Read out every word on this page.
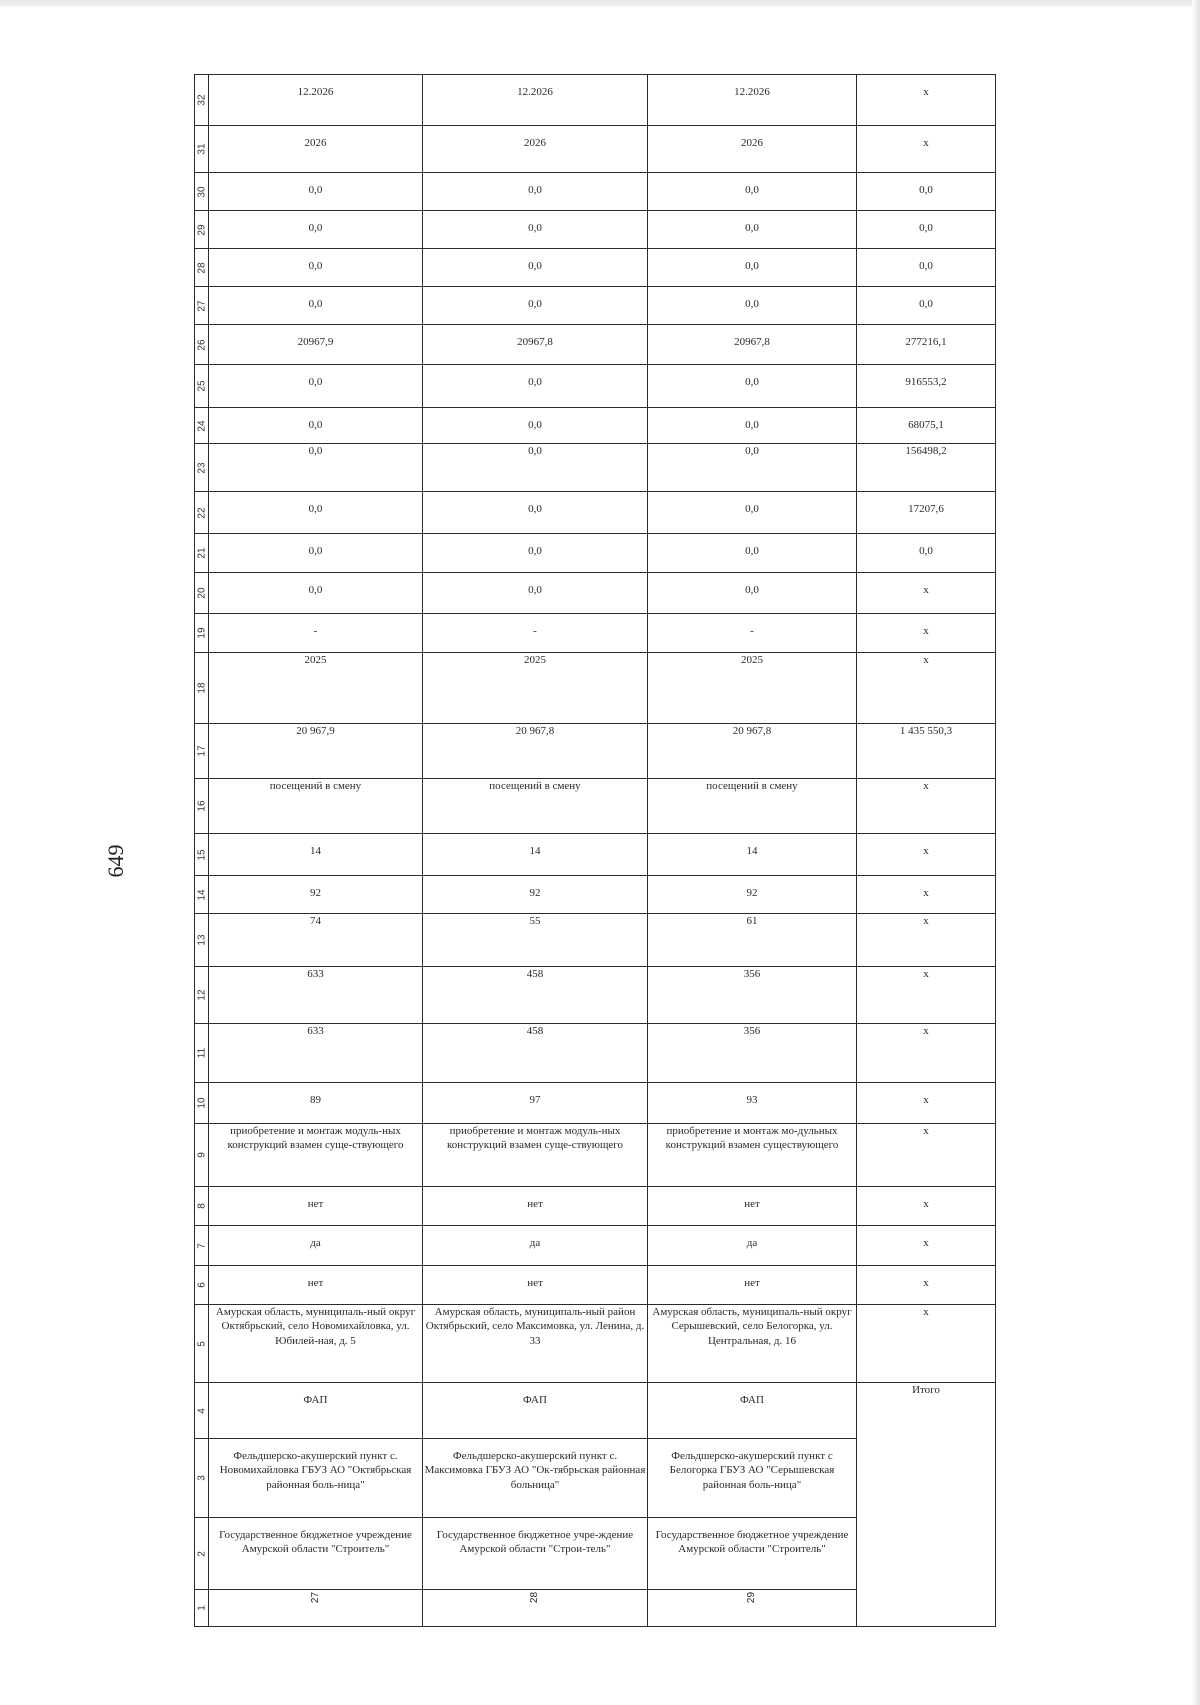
649
32	12.2026	12.2026	12.2026	x

31	2026	2026	2026	x

30	0,0	0,0	0,0	0,0

29	0,0	0,0	0,0	0,0

28	0,0	0,0	0,0	0,0

27	0,0	0,0	0,0	0,0

26	20967,9	20967,8	20967,8	277216,1

25	0,0	0,0	0,0	916553,2

24	0,0	0,0	0,0	68075,1

23	0,0	0,0	0,0	156498,2

22	0,0	0,0	0,0	17207,6

21	0,0	0,0	0,0	0,0

20	0,0	0,0	0,0	x

19	-	-	-	x

18	2025	2025	2025	x

17	20 967,9	20 967,8	20 967,8	1 435 550,3

16	посещений в смену	посещений в смену	посещений в смену	x

15	14	14	14	x

14	92	92	92	x

13	74	55	61	x

12	633	458	356	x

11	633	458	356	x

10	89	97	93	x

9	приобретение и монтаж модуль-ных конструкций взамен суще-ствующего	приобретение и монтаж модуль-ных конструкций взамен суще-ствующего	приобретение и монтаж мо-дульных конструкций взамен существующего	x

8	нет	нет	нет	x

7	да	да	да	x

6	нет	нет	нет	x

5	Амурская область, муниципаль-ный округ Октябрьский, село Новомихайловка, ул. Юбилей-ная, д. 5	Амурская область, муниципаль-ный район Октябрьский, село Максимовка, ул. Ленина, д. 33	Амурская область, муниципаль-ный округ Серышевский, село Белогорка, ул. Центральная, д. 16	x

4	ФАП	ФАП	ФАП	Итого

3	Фельдшерско-акушерский пункт с. Новомихайловка ГБУЗ АО "Октябрьская районная боль-ница"	Фельдшерско-акушерский пункт с. Максимовка ГБУЗ АО "Ок-тябрьская районная больница"	Фельдшерско-акушерский пункт с Белогорка ГБУЗ АО "Серышевская районная боль-ница"	

2	Государственное бюджетное учреждение Амурской области "Строитель"	Государственное бюджетное учре-ждение Амурской области "Строи-тель"	Государственное бюджетное учреждение Амурской области "Строитель"	

1	27	28	29	
